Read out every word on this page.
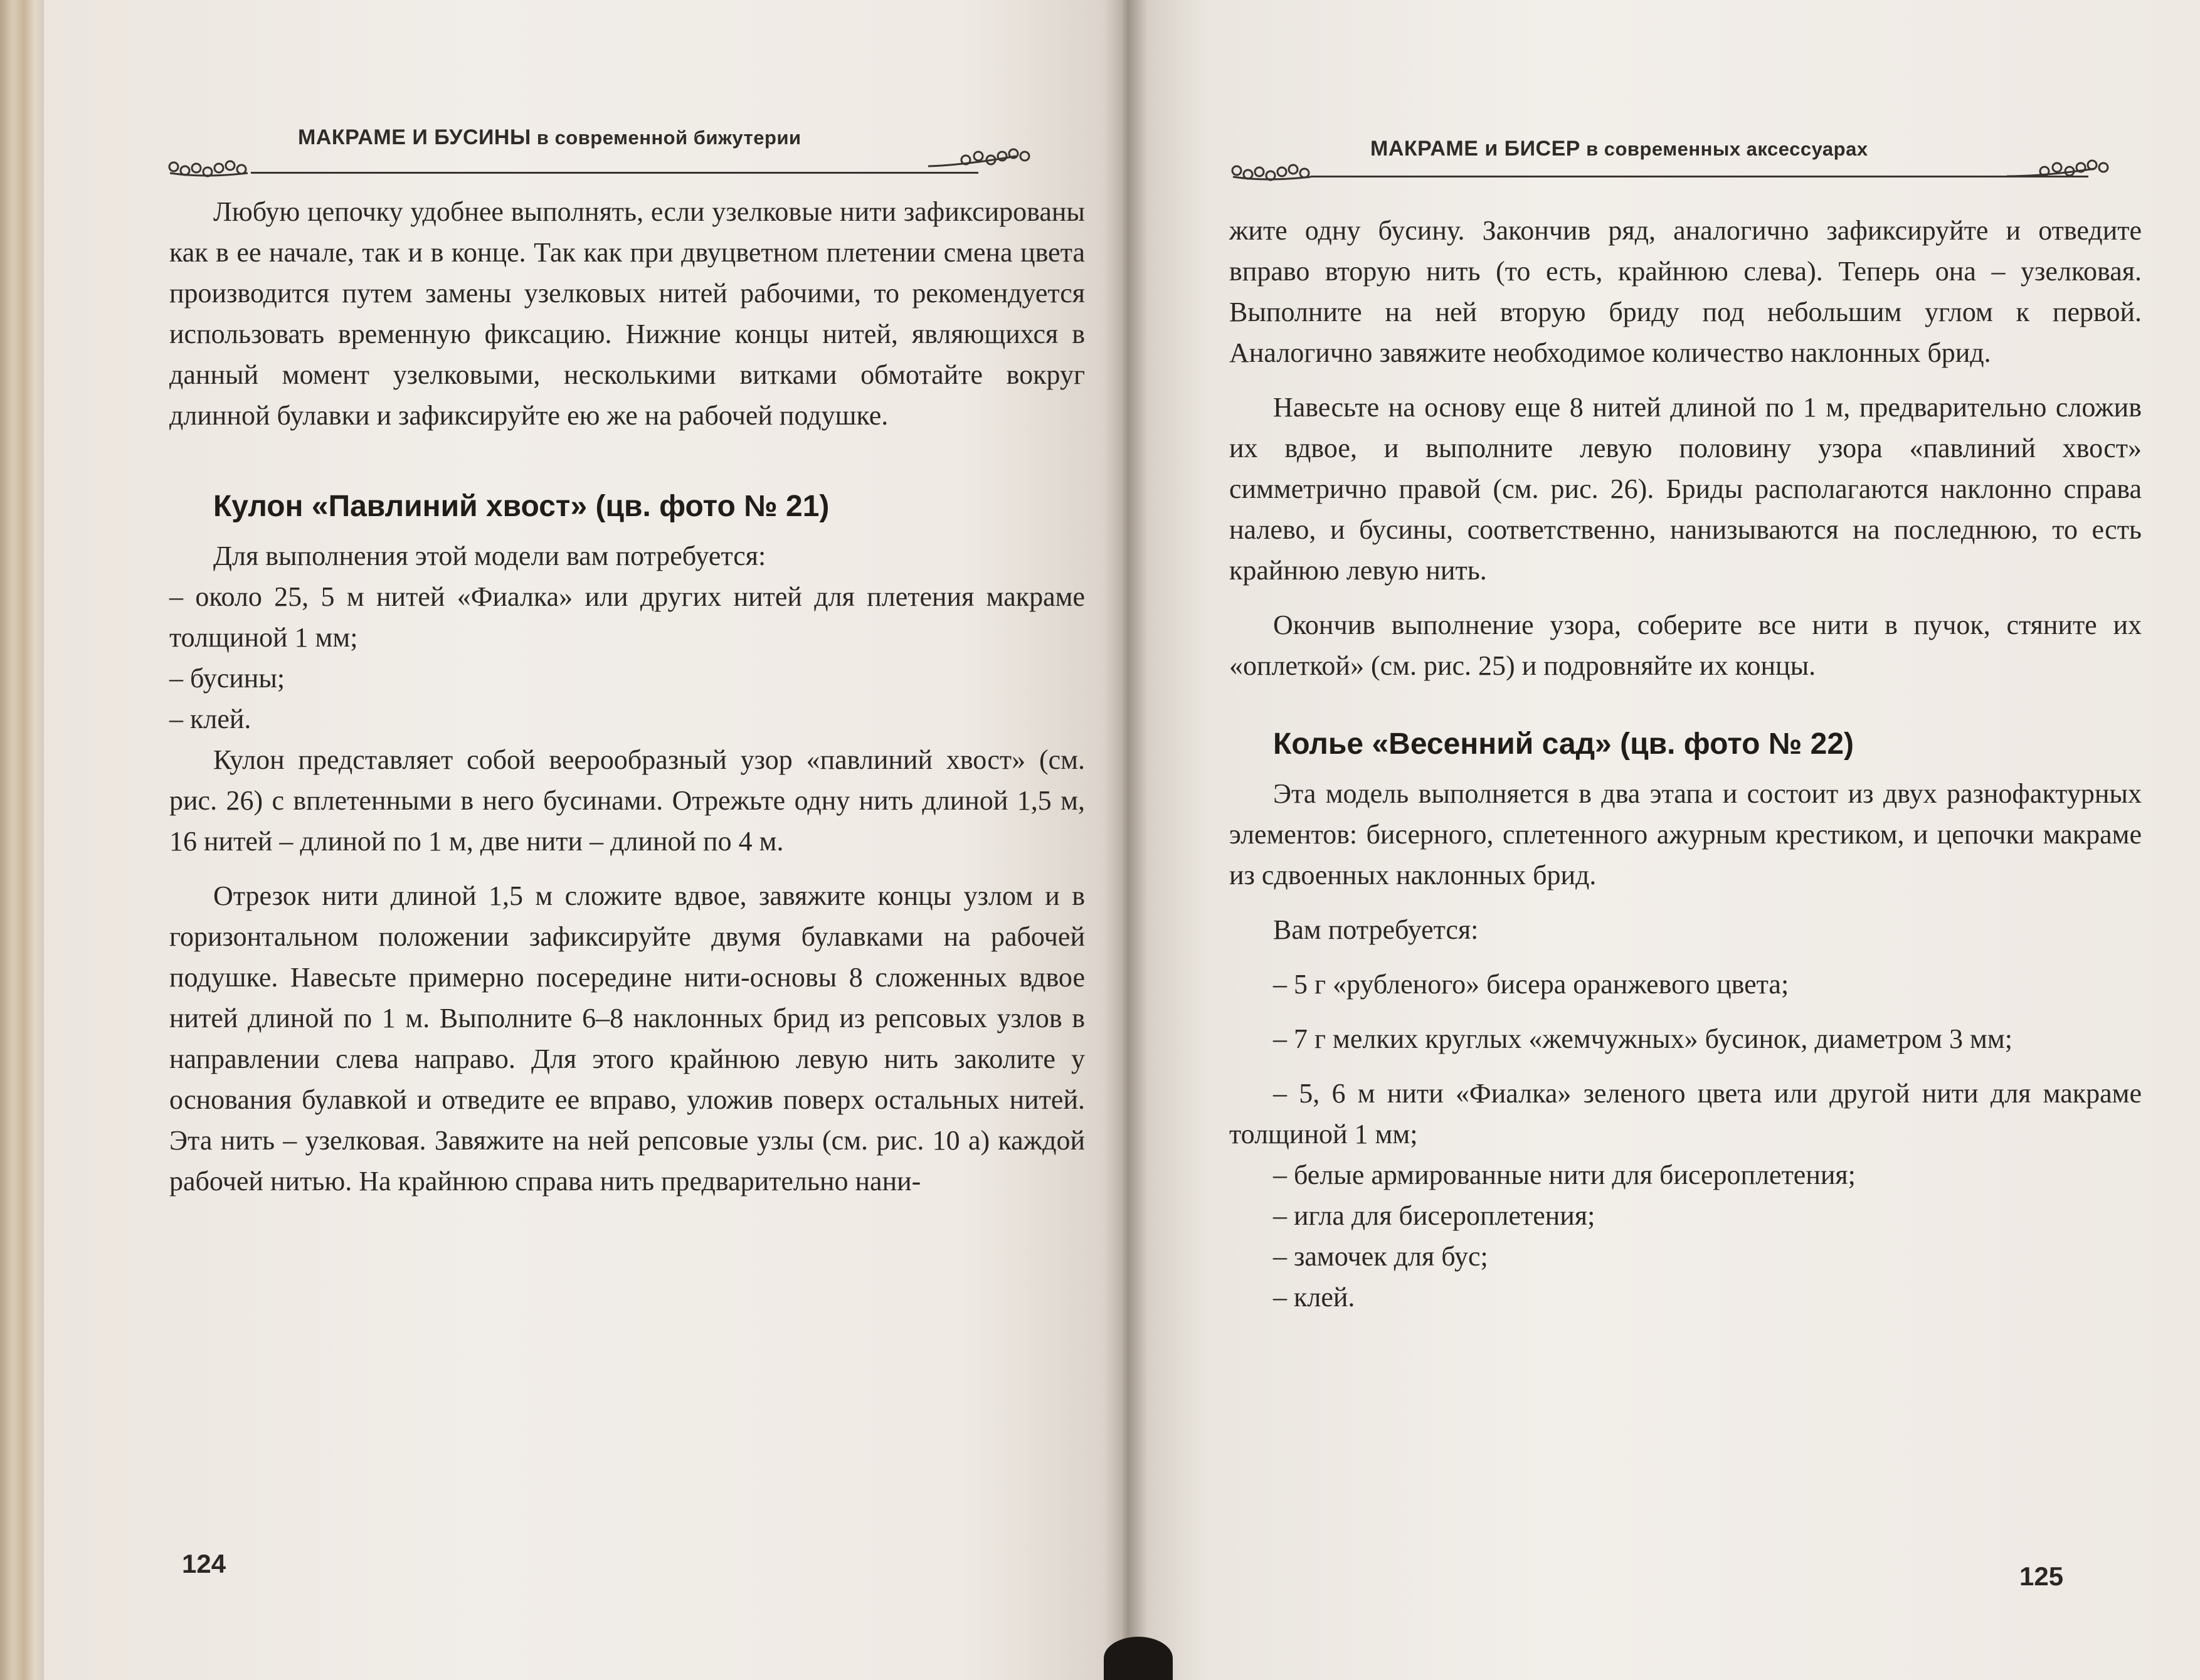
МАКРАМЕ И БУСИНЫ в современной бижутерии

Любую цепочку удобнее выполнять, если узелковые нити зафиксированы как в ее начале, так и в конце. Так как при двуцветном плетении смена цвета производится путем замены узелковых нитей рабочими, то рекомендуется использовать временную фиксацию. Нижние концы нитей, являющихся в данный момент узелковыми, несколькими витками обмотайте вокруг длинной булавки и зафиксируйте ею же на рабочей подушке.

Кулон «Павлиний хвост» (цв. фото № 21)

Для выполнения этой модели вам потребуется:

– около 25, 5 м нитей «Фиалка» или других нитей для плетения макраме толщиной 1 мм;

– бусины;

– клей.

Кулон представляет собой веерообразный узор «павлиний хвост» (см. рис. 26) с вплетенными в него бусинами. Отрежьте одну нить длиной 1,5 м, 16 нитей – длиной по 1 м, две нити – длиной по 4 м.

Отрезок нити длиной 1,5 м сложите вдвое, завяжите концы узлом и в горизонтальном положении зафиксируйте двумя булавками на рабочей подушке. Навесьте примерно посередине нити-основы 8 сложенных вдвое нитей длиной по 1 м. Выполните 6–8 наклонных брид из репсовых узлов в направлении слева направо. Для этого крайнюю левую нить заколите у основания булавкой и отведите ее вправо, уложив поверх остальных нитей. Эта нить – узелковая. Завяжите на ней репсовые узлы (см. рис. 10 а) каждой рабочей нитью. На крайнюю справа нить предварительно нани-

124
МАКРАМЕ и БИСЕР в современных аксессуарах

жите одну бусину. Закончив ряд, аналогично зафиксируйте и отведите вправо вторую нить (то есть, крайнюю слева). Теперь она – узелковая. Выполните на ней вторую бриду под небольшим углом к первой. Аналогично завяжите необходимое количество наклонных брид.

Навесьте на основу еще 8 нитей длиной по 1 м, предварительно сложив их вдвое, и выполните левую половину узора «павлиний хвост» симметрично правой (см. рис. 26). Бриды располагаются наклонно справа налево, и бусины, соответственно, нанизываются на последнюю, то есть крайнюю левую нить.

Окончив выполнение узора, соберите все нити в пучок, стяните их «оплеткой» (см. рис. 25) и подровняйте их концы.

Колье «Весенний сад» (цв. фото № 22)

Эта модель выполняется в два этапа и состоит из двух разнофактурных элементов: бисерного, сплетенного ажурным крестиком, и цепочки макраме из сдвоенных наклонных брид.

Вам потребуется:

– 5 г «рубленого» бисера оранжевого цвета;

– 7 г мелких круглых «жемчужных» бусинок, диаметром 3 мм;

– 5, 6 м нити «Фиалка» зеленого цвета или другой нити для макраме толщиной 1 мм;

– белые армированные нити для бисероплетения;

– игла для бисероплетения;

– замочек для бус;

– клей.

125
